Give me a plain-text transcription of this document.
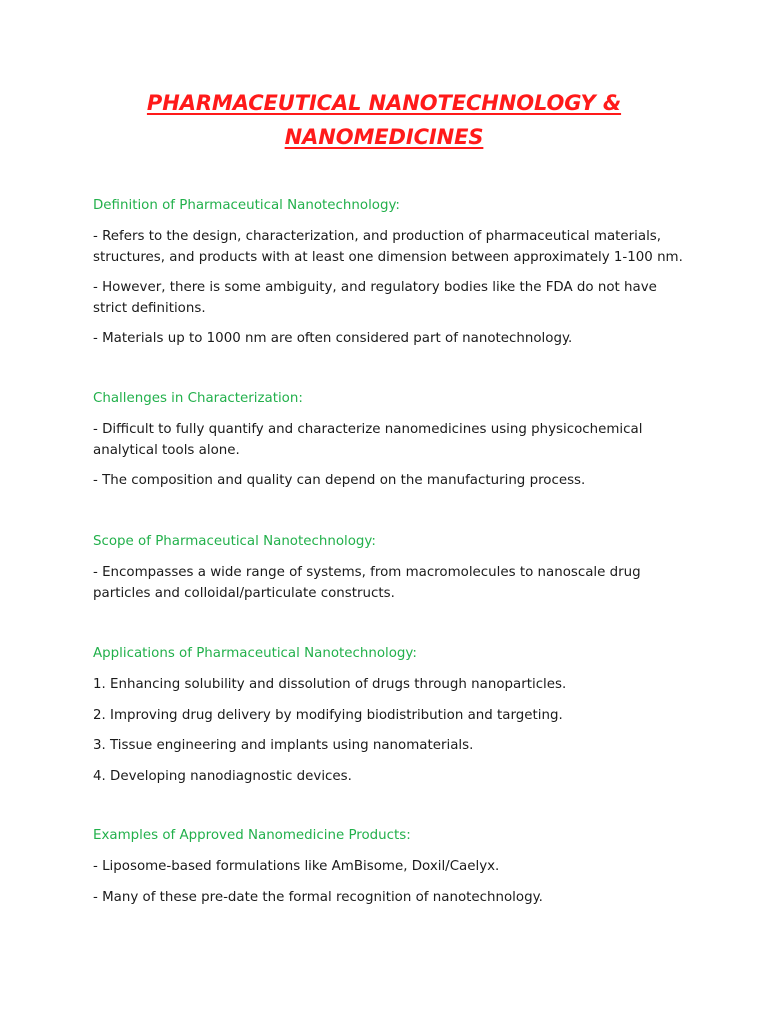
PHARMACEUTICAL NANOTECHNOLOGY &
NANOMEDICINES
Definition of Pharmaceutical Nanotechnology:
- Refers to the design, characterization, and production of pharmaceutical materials, structures, and products with at least one dimension between approximately 1-100 nm.
- However, there is some ambiguity, and regulatory bodies like the FDA do not have strict definitions.
- Materials up to 1000 nm are often considered part of nanotechnology.
Challenges in Characterization:
- Difficult to fully quantify and characterize nanomedicines using physicochemical analytical tools alone.
- The composition and quality can depend on the manufacturing process.
Scope of Pharmaceutical Nanotechnology:
- Encompasses a wide range of systems, from macromolecules to nanoscale drug particles and colloidal/particulate constructs.
Applications of Pharmaceutical Nanotechnology:
1. Enhancing solubility and dissolution of drugs through nanoparticles.
2. Improving drug delivery by modifying biodistribution and targeting.
3. Tissue engineering and implants using nanomaterials.
4. Developing nanodiagnostic devices.
Examples of Approved Nanomedicine Products:
- Liposome-based formulations like AmBisome, Doxil/Caelyx.
- Many of these pre-date the formal recognition of nanotechnology.
